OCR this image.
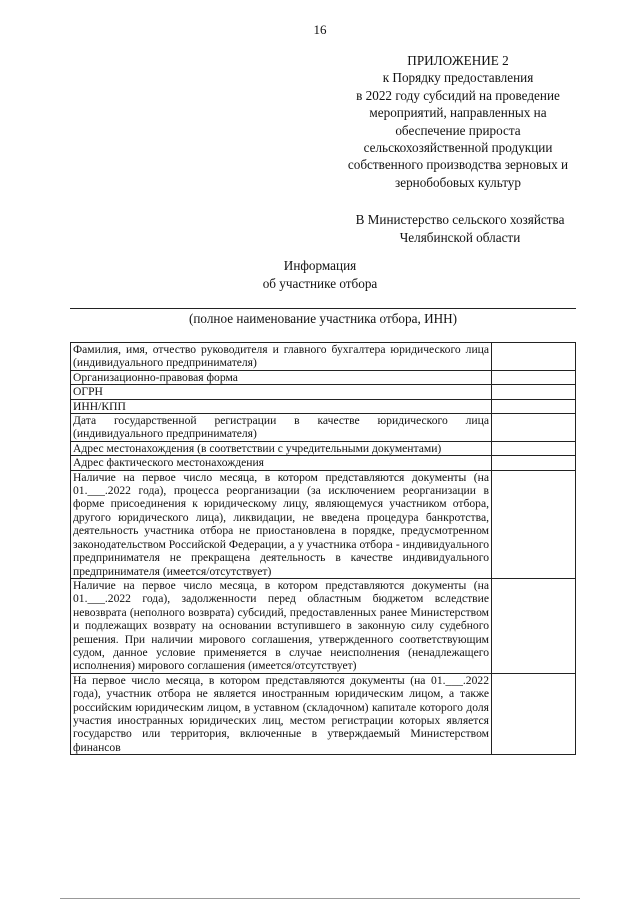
16
ПРИЛОЖЕНИЕ 2
к Порядку предоставления
в 2022 году субсидий на проведение
мероприятий, направленных на
обеспечение прироста
сельскохозяйственной продукции
собственного производства зерновых и
зернобобовых культур
В Министерство сельского хозяйства
Челябинской области
Информация
об участнике отбора
(полное наименование участника отбора, ИНН)
Фамилия, имя, отчество руководителя и главного бухгалтера юридического лица (индивидуального предпринимателя)	
Организационно-правовая форма	
ОГРН	
ИНН/КПП	
Дата государственной регистрации в качестве юридического лица (индивидуального предпринимателя)	
Адрес местонахождения (в соответствии с учредительными документами)	
Адрес фактического местонахождения	
Наличие на первое число месяца, в котором представляются документы (на 01.___.2022 года), процесса реорганизации (за исключением реорганизации в форме присоединения к юридическому лицу, являющемуся участником отбора, другого юридического лица), ликвидации, не введена процедура банкротства, деятельность участника отбора не приостановлена в порядке, предусмотренном законодательством Российской Федерации, а у участника отбора - индивидуального предпринимателя не прекращена деятельность в качестве индивидуального предпринимателя (имеется/отсутствует)	
Наличие на первое число месяца, в котором представляются документы (на 01.___.2022 года), задолженности перед областным бюджетом вследствие невозврата (неполного возврата) субсидий, предоставленных ранее Министерством и подлежащих возврату на основании вступившего в законную силу судебного решения. При наличии мирового соглашения, утвержденного соответствующим судом, данное условие применяется в случае неисполнения (ненадлежащего исполнения) мирового соглашения (имеется/отсутствует)	
На первое число месяца, в котором представляются документы (на 01.___.2022 года), участник отбора не является иностранным юридическим лицом, а также российским юридическим лицом, в уставном (складочном) капитале которого доля участия иностранных юридических лиц, местом регистрации которых является государство или территория, включенные в утверждаемый Министерством финансов	
